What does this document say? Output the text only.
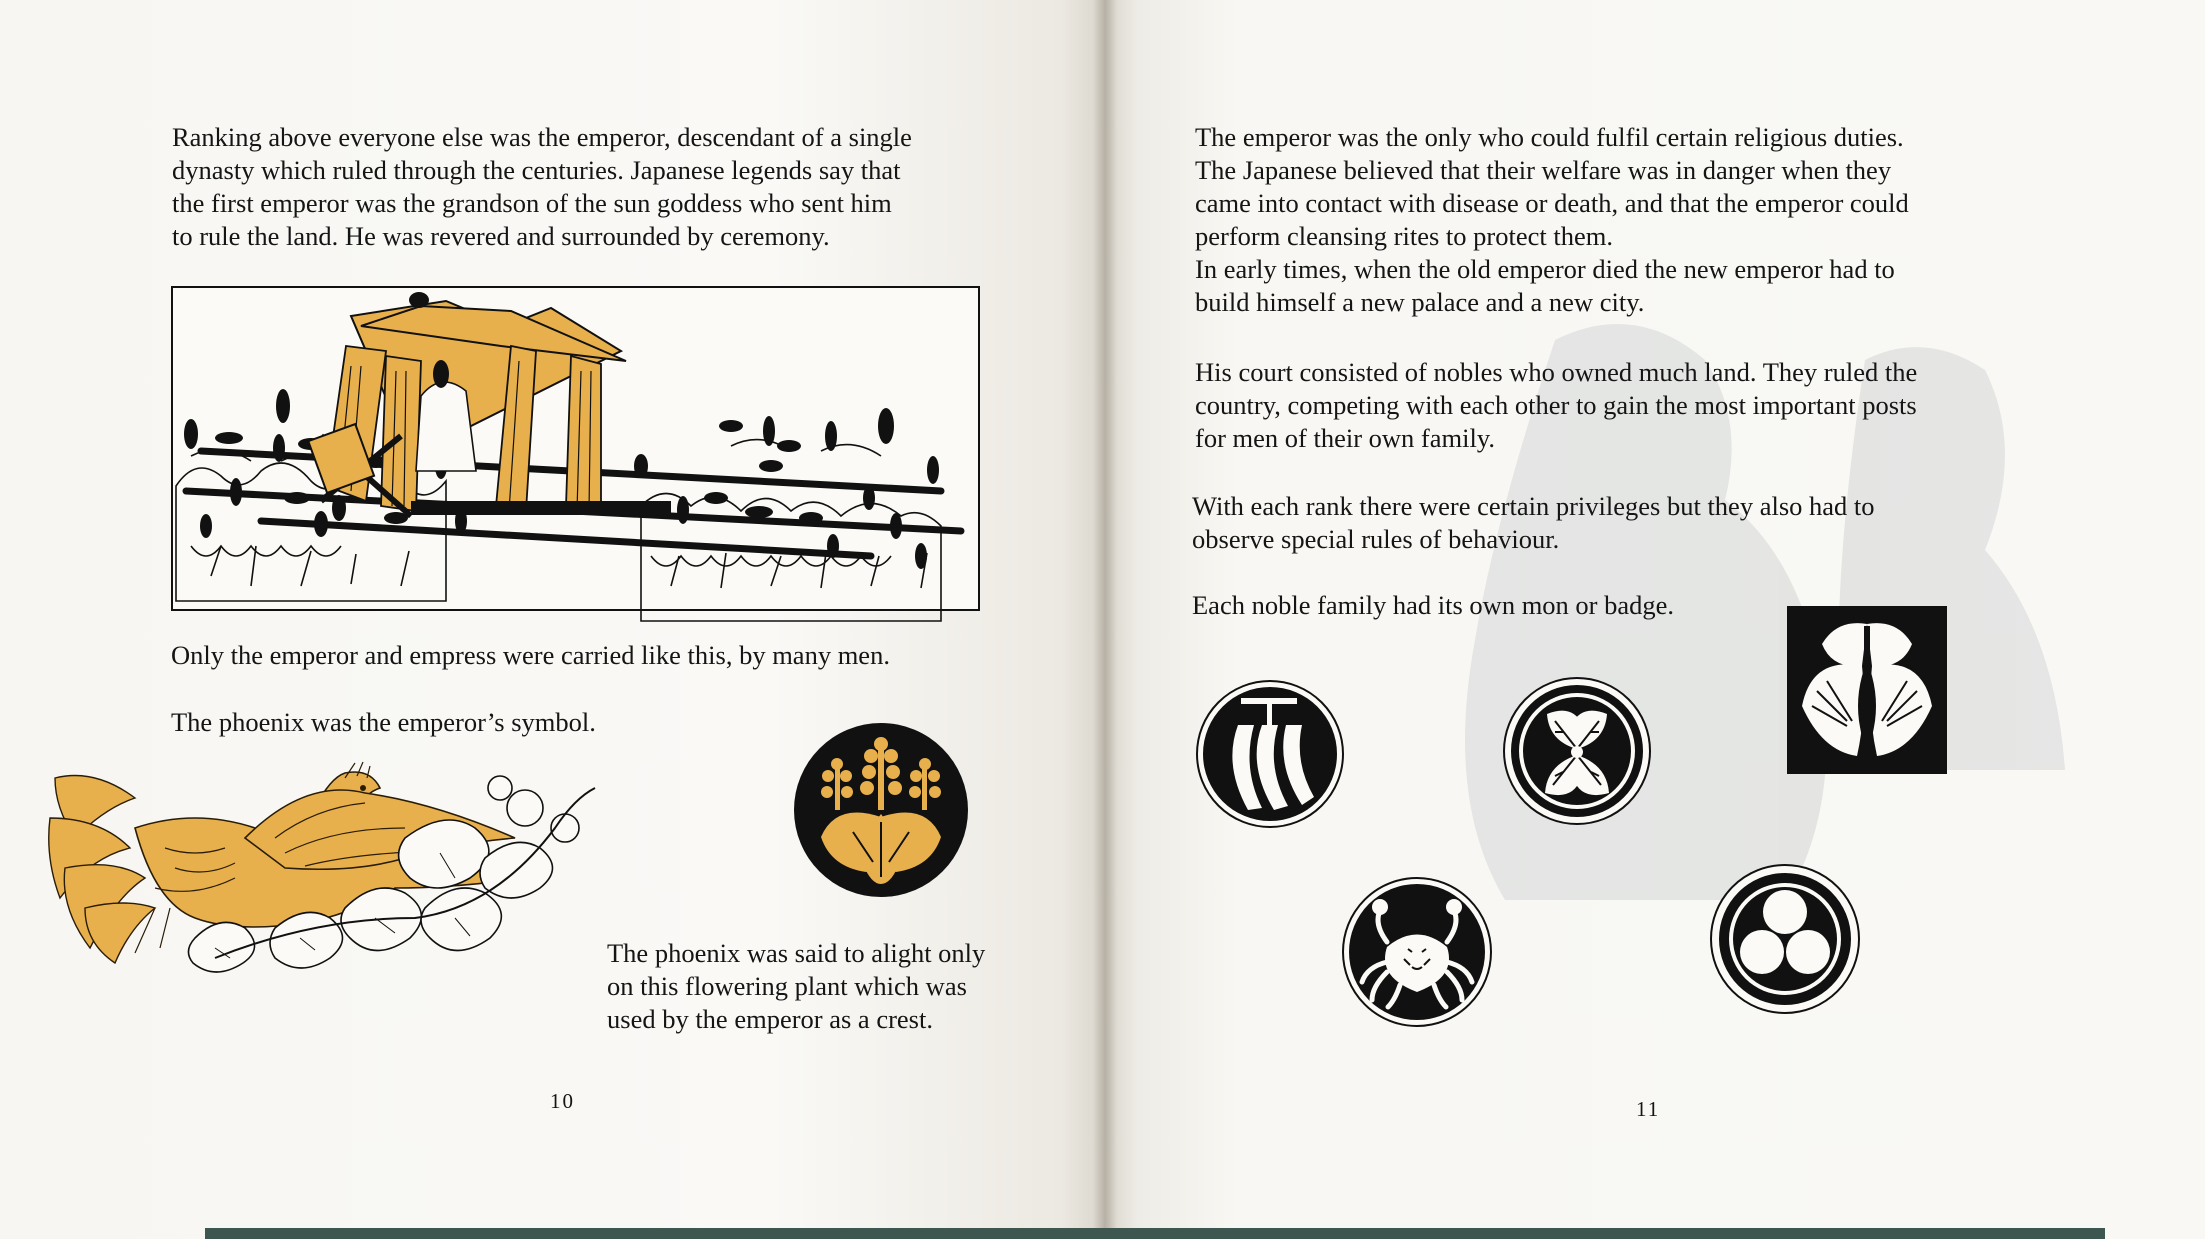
Ranking above everyone else was the emperor, descendant of a single
dynasty which ruled through the centuries. Japanese legends say that
the first emperor was the grandson of the sun goddess who sent him
to rule the land. He was revered and surrounded by ceremony.
Only the emperor and empress were carried like this, by many men.
The phoenix was the emperor’s symbol.
The phoenix was said to alight only
on this flowering plant which was
used by the emperor as a crest.
10
The emperor was the only who could fulfil certain religious duties.
The Japanese believed that their welfare was in danger when they
came into contact with disease or death, and that the emperor could
perform cleansing rites to protect them.
In early times, when the old emperor died the new emperor had to
build himself a new palace and a new city.
His court consisted of nobles who owned much land. They ruled the
country, competing with each other to gain the most important posts
for men of their own family.
With each rank there were certain privileges but they also had to
observe special rules of behaviour.
Each noble family had its own mon or badge.
11
